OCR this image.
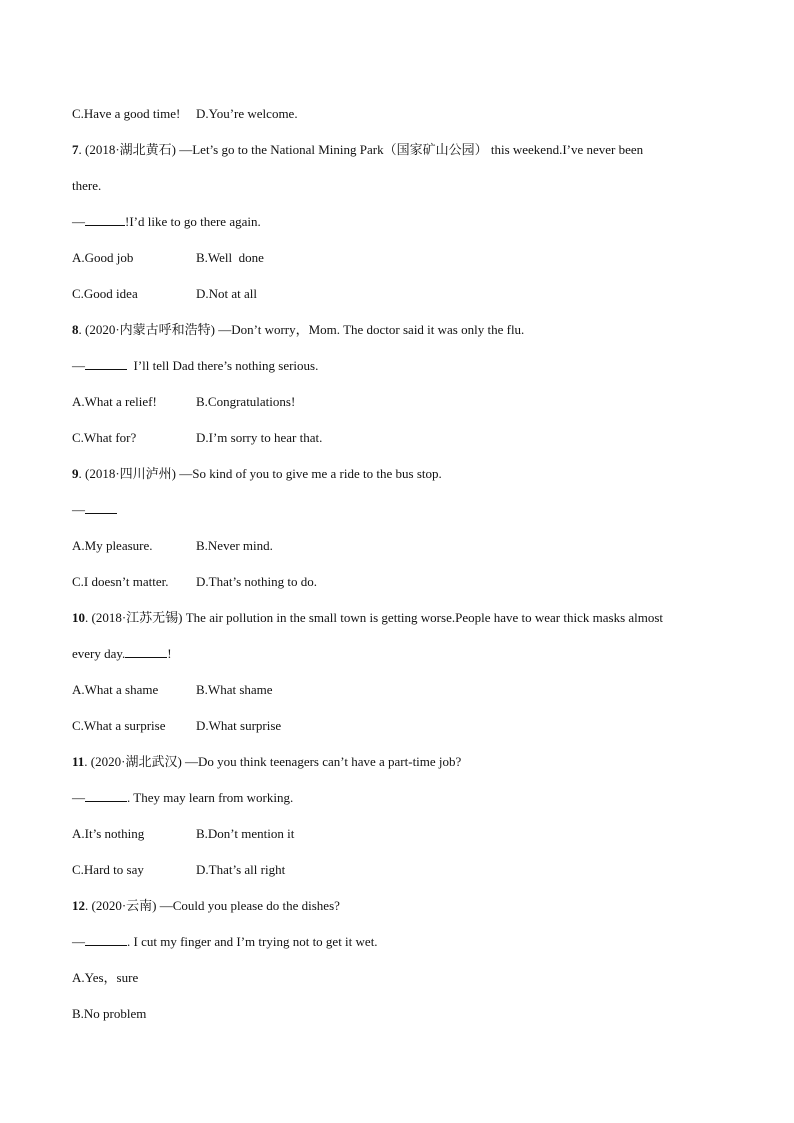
C.Have a good time! D.You’re welcome.
7. (2018·湖北黄石) —Let’s go to the National Mining Park（国家矿山公园） this weekend.I’ve never been
there.
—	!I’d like to go there again.
A.Good job	B.Well  done
C.Good idea	D.Not at all
8. (2020·内蒙古呼和浩特) —Don’t worry，Mom. The doctor said it was only the flu.
—	I’ll tell Dad there’s nothing serious.
A.What a relief!	B.Congratulations!
C.What for?	D.I’m sorry to hear that.
9. (2018·四川泸州) —So kind of you to give me a ride to the bus stop.
—
A.My pleasure.	B.Never mind.
C.I doesn’t matter. D.That’s nothing to do.
10. (2018·江苏无锡) The air pollution in the small town is getting worse.People have to wear thick masks almost
every day.	!
A.What a shame	B.What shame
C.What a surprise D.What surprise
11. (2020·湖北武汉) —Do you think teenagers can’t have a part-time job?
—	. They may learn from working.
A.It’s nothing	B.Don’t mention it
C.Hard to say	D.That’s all right
12. (2020·云南) —Could you please do the dishes?
—	. I cut my finger and I’m trying not to get it wet.
A.Yes，sure
B.No problem
